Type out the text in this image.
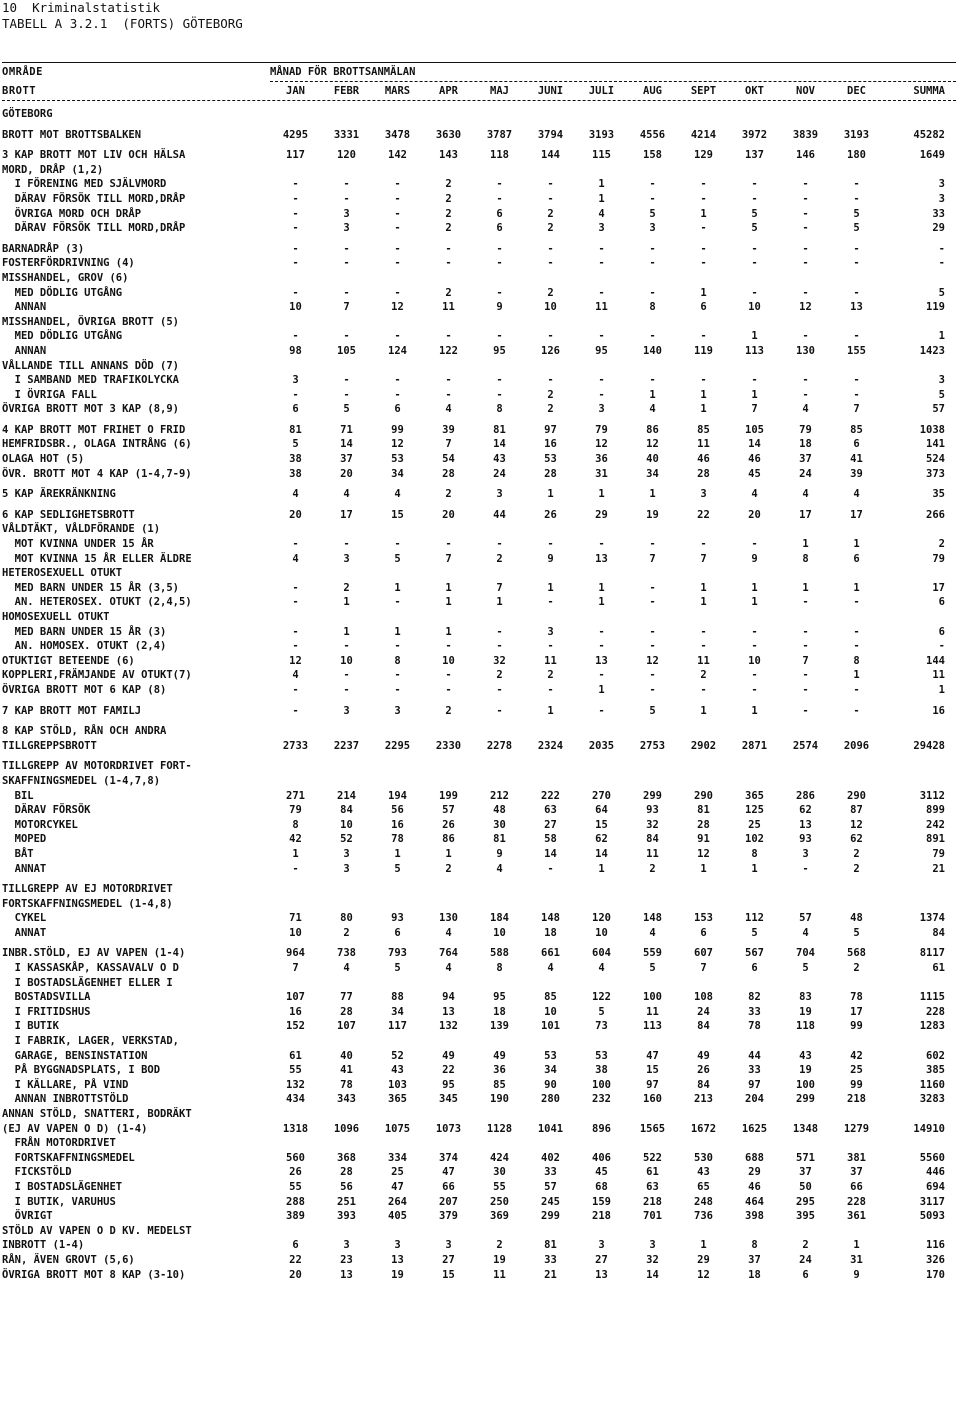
10  Kriminalstatistik
TABELL A 3.2.1  (FORTS) GÖTEBORG
OMRÅDE	MÅNAD FÖR BROTTSANMÄLAN
BROTT	JAN	FEBR	MARS	APR	MAJ	JUNI	JULI	AUG	SEPT	OKT	NOV	DEC	SUMMA
GÖTEBORG
BROTT MOT BROTTSBALKEN	4295	3331	3478	3630	3787	3794	3193	4556	4214	3972	3839	3193	45282
3 KAP BROTT MOT LIV OCH HÄLSA	117	120	142	143	118	144	115	158	129	137	146	180	1649
MORD, DRÅP (1,2)
I FÖRENING MED SJÄLVMORD	-	-	-	2	-	-	1	-	-	-	-	-	3
DÄRAV FÖRSÖK TILL MORD,DRÅP	-	-	-	2	-	-	1	-	-	-	-	-	3
ÖVRIGA MORD OCH DRÅP	-	3	-	2	6	2	4	5	1	5	-	5	33
DÄRAV FÖRSÖK TILL MORD,DRÅP	-	3	-	2	6	2	3	3	-	5	-	5	29
BARNADRÅP (3)	-	-	-	-	-	-	-	-	-	-	-	-	-
FOSTERFÖRDRIVNING (4)	-	-	-	-	-	-	-	-	-	-	-	-	-
MISSHANDEL, GROV (6)
MED DÖDLIG UTGÅNG	-	-	-	2	-	2	-	-	1	-	-	-	5
ANNAN	10	7	12	11	9	10	11	8	6	10	12	13	119
MISSHANDEL, ÖVRIGA BROTT (5)
MED DÖDLIG UTGÅNG	-	-	-	-	-	-	-	-	-	1	-	-	1
ANNAN	98	105	124	122	95	126	95	140	119	113	130	155	1423
VÅLLANDE TILL ANNANS DÖD (7)
I SAMBAND MED TRAFIKOLYCKA	3	-	-	-	-	-	-	-	-	-	-	-	3
I ÖVRIGA FALL	-	-	-	-	-	2	-	1	1	1	-	-	5
ÖVRIGA BROTT MOT 3 KAP (8,9)	6	5	6	4	8	2	3	4	1	7	4	7	57
4 KAP BROTT MOT FRIHET O FRID	81	71	99	39	81	97	79	86	85	105	79	85	1038
HEMFRIDSBR., OLAGA INTRÅNG (6)	5	14	12	7	14	16	12	12	11	14	18	6	141
OLAGA HOT (5)	38	37	53	54	43	53	36	40	46	46	37	41	524
ÖVR. BROTT MOT 4 KAP (1-4,7-9)	38	20	34	28	24	28	31	34	28	45	24	39	373
5 KAP ÄREKRÄNKNING	4	4	4	2	3	1	1	1	3	4	4	4	35
6 KAP SEDLIGHETSBROTT	20	17	15	20	44	26	29	19	22	20	17	17	266
VÅLDTÄKT, VÅLDFÖRANDE (1)
MOT KVINNA UNDER 15 ÅR	-	-	-	-	-	-	-	-	-	-	1	1	2
MOT KVINNA 15 ÅR ELLER ÄLDRE	4	3	5	7	2	9	13	7	7	9	8	6	79
HETEROSEXUELL OTUKT
MED BARN UNDER 15 ÅR (3,5)	-	2	1	1	7	1	1	-	1	1	1	1	17
AN. HETEROSEX. OTUKT (2,4,5)	-	1	-	1	1	-	1	-	1	1	-	-	6
HOMOSEXUELL OTUKT
MED BARN UNDER 15 ÅR (3)	-	1	1	1	-	3	-	-	-	-	-	-	6
AN. HOMOSEX. OTUKT (2,4)	-	-	-	-	-	-	-	-	-	-	-	-	-
OTUKTIGT BETEENDE (6)	12	10	8	10	32	11	13	12	11	10	7	8	144
KOPPLERI,FRÄMJANDE AV OTUKT(7)	4	-	-	-	2	2	-	-	2	-	-	1	11
ÖVRIGA BROTT MOT 6 KAP (8)	-	-	-	-	-	-	1	-	-	-	-	-	1
7 KAP BROTT MOT FAMILJ	-	3	3	2	-	1	-	5	1	1	-	-	16
8 KAP STÖLD, RÅN OCH ANDRA
TILLGREPPSBROTT	2733	2237	2295	2330	2278	2324	2035	2753	2902	2871	2574	2096	29428
TILLGREPP AV MOTORDRIVET FORT-
SKAFFNINGSMEDEL (1-4,7,8)
BIL	271	214	194	199	212	222	270	299	290	365	286	290	3112
DÄRAV FÖRSÖK	79	84	56	57	48	63	64	93	81	125	62	87	899
MOTORCYKEL	8	10	16	26	30	27	15	32	28	25	13	12	242
MOPED	42	52	78	86	81	58	62	84	91	102	93	62	891
BÅT	1	3	1	1	9	14	14	11	12	8	3	2	79
ANNAT	-	3	5	2	4	-	1	2	1	1	-	2	21
TILLGREPP AV EJ MOTORDRIVET
FORTSKAFFNINGSMEDEL (1-4,8)
CYKEL	71	80	93	130	184	148	120	148	153	112	57	48	1374
ANNAT	10	2	6	4	10	18	10	4	6	5	4	5	84
INBR.STÖLD, EJ AV VAPEN (1-4)	964	738	793	764	588	661	604	559	607	567	704	568	8117
I KASSASKÅP, KASSAVALV O D	7	4	5	4	8	4	4	5	7	6	5	2	61
I BOSTADSLÄGENHET ELLER I
BOSTADSVILLA	107	77	88	94	95	85	122	100	108	82	83	78	1115
I FRITIDSHUS	16	28	34	13	18	10	5	11	24	33	19	17	228
I BUTIK	152	107	117	132	139	101	73	113	84	78	118	99	1283
I FABRIK, LAGER, VERKSTAD,
GARAGE, BENSINSTATION	61	40	52	49	49	53	53	47	49	44	43	42	602
PÅ BYGGNADSPLATS, I BOD	55	41	43	22	36	34	38	15	26	33	19	25	385
I KÄLLARE, PÅ VIND	132	78	103	95	85	90	100	97	84	97	100	99	1160
ANNAN INBROTTSTÖLD	434	343	365	345	190	280	232	160	213	204	299	218	3283
ANNAN STÖLD, SNATTERI, BODRÄKT
(EJ AV VAPEN O D) (1-4)	1318	1096	1075	1073	1128	1041	896	1565	1672	1625	1348	1279	14910
FRÅN MOTORDRIVET
FORTSKAFFNINGSMEDEL	560	368	334	374	424	402	406	522	530	688	571	381	5560
FICKSTÖLD	26	28	25	47	30	33	45	61	43	29	37	37	446
I BOSTADSLÄGENHET	55	56	47	66	55	57	68	63	65	46	50	66	694
I BUTIK, VARUHUS	288	251	264	207	250	245	159	218	248	464	295	228	3117
ÖVRIGT	389	393	405	379	369	299	218	701	736	398	395	361	5093
STÖLD AV VAPEN O D KV. MEDELST
INBROTT (1-4)	6	3	3	3	2	81	3	3	1	8	2	1	116
RÅN, ÄVEN GROVT (5,6)	22	23	13	27	19	33	27	32	29	37	24	31	326
ÖVRIGA BROTT MOT 8 KAP (3-10)	20	13	19	15	11	21	13	14	12	18	6	9	170
